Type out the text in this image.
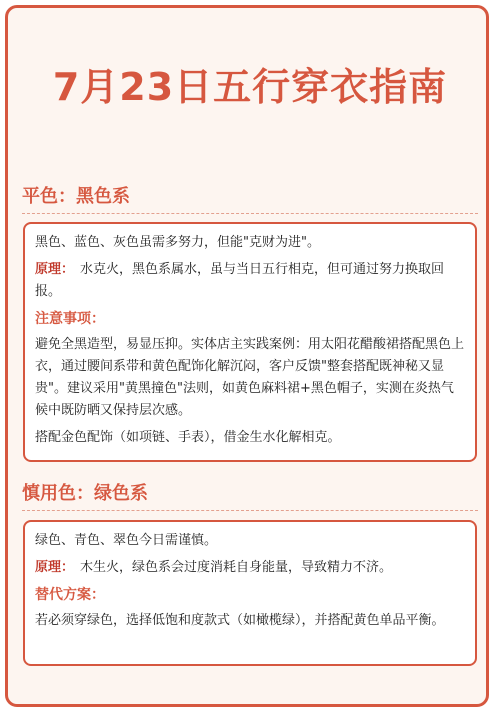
7月23日五行穿衣指南
平色：黑色系

黑色、蓝色、灰色虽需多努力，但能"克财为进"。

原理： 水克火，黑色系属水，虽与当日五行相克，但可通过努力换取回报。

注意事项：

避免全黑造型，易显压抑。实体店主实践案例：用太阳花醋酸裙搭配黑色上衣，通过腰间系带和黄色配饰化解沉闷，客户反馈"整套搭配既神秘又显贵"。建议采用"黄黑撞色"法则，如黄色麻料裙+黑色帽子，实测在炎热气候中既防晒又保持层次感。

搭配金色配饰（如项链、手表），借金生水化解相克。

慎用色：绿色系

绿色、青色、翠色今日需谨慎。

原理： 木生火，绿色系会过度消耗自身能量，导致精力不济。

替代方案：

若必须穿绿色，选择低饱和度款式（如橄榄绿），并搭配黄色单品平衡。
